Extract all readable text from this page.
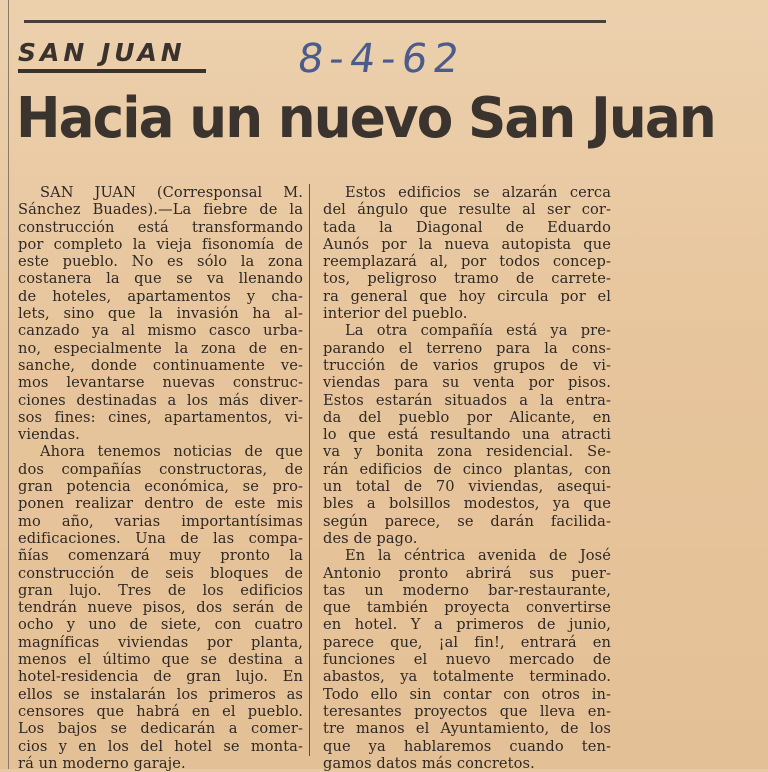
SAN JUAN	8-4-62
Hacia un nuevo San Juan
SAN JUAN (Corresponsal M.
Sánchez Buades).—La fiebre de la
construcción está transformando
por completo la vieja fisonomía de
este pueblo. No es sólo la zona
costanera la que se va llenando
de hoteles, apartamentos y cha-
lets, sino que la invasión ha al-
canzado ya al mismo casco urba-
no, especialmente la zona de en-
sanche, donde continuamente ve-
mos levantarse nuevas construc-
ciones destinadas a los más diver-
sos fines: cines, apartamentos, vi-
viendas.
Ahora tenemos noticias de que
dos compañías constructoras, de
gran potencia económica, se pro-
ponen realizar dentro de este mis
mo año, varias importantísimas
edificaciones. Una de las compa-
ñías comenzará muy pronto la
construcción de seis bloques de
gran lujo. Tres de los edificios
tendrán nueve pisos, dos serán de
ocho y uno de siete, con cuatro
magníficas viviendas por planta,
menos el último que se destina a
hotel-residencia de gran lujo. En
ellos se instalarán los primeros as
censores que habrá en el pueblo.
Los bajos se dedicarán a comer-
cios y en los del hotel se monta-
rá un moderno garaje.
Estos edificios se alzarán cerca
del ángulo que resulte al ser cor-
tada la Diagonal de Eduardo
Aunós por la nueva autopista que
reemplazará al, por todos concep-
tos, peligroso tramo de carrete-
ra general que hoy circula por el
interior del pueblo.
La otra compañía está ya pre-
parando el terreno para la cons-
trucción de varios grupos de vi-
viendas para su venta por pisos.
Estos estarán situados a la entra-
da del pueblo por Alicante, en
lo que está resultando una atracti
va y bonita zona residencial. Se-
rán edificios de cinco plantas, con
un total de 70 viviendas, asequi-
bles a bolsillos modestos, ya que
según parece, se darán facilida-
des de pago.
En la céntrica avenida de José
Antonio pronto abrirá sus puer-
tas un moderno bar-restaurante,
que también proyecta convertirse
en hotel. Y a primeros de junio,
parece que, ¡al fin!, entrará en
funciones el nuevo mercado de
abastos, ya totalmente terminado.
Todo ello sin contar con otros in-
teresantes proyectos que lleva en-
tre manos el Ayuntamiento, de los
que ya hablaremos cuando ten-
gamos datos más concretos.
